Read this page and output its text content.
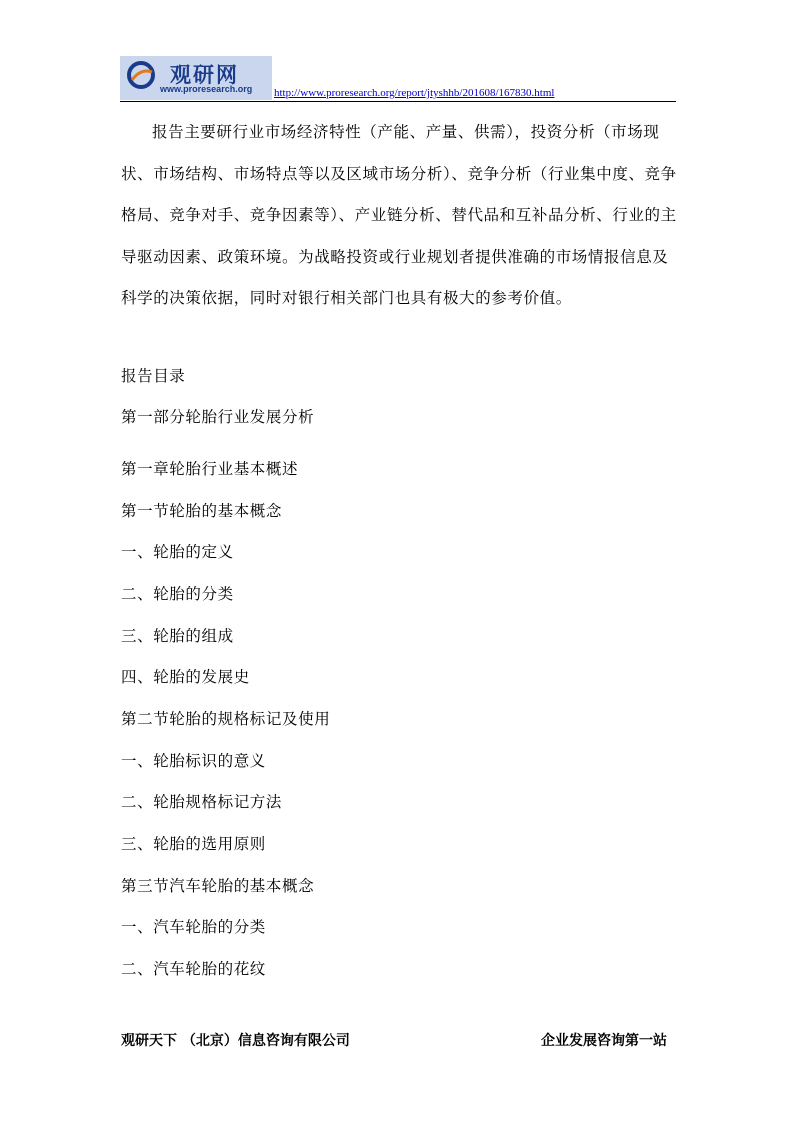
观研网
www.proresearch.org http://www.proresearch.org/report/jtyshhb/201608/167830.html

报告主要研行业市场经济特性（产能、产量、供需），投资分析（市场现状、市场结构、市场特点等以及区域市场分析）、竞争分析（行业集中度、竞争格局、竞争对手、竞争因素等）、产业链分析、替代品和互补品分析、行业的主导驱动因素、政策环境。为战略投资或行业规划者提供准确的市场情报信息及科学的决策依据，同时对银行相关部门也具有极大的参考价值。

报告目录

第一部分轮胎行业发展分析

第一章轮胎行业基本概述

第一节轮胎的基本概念

一、轮胎的定义

二、轮胎的分类

三、轮胎的组成

四、轮胎的发展史

第二节轮胎的规格标记及使用

一、轮胎标识的意义

二、轮胎规格标记方法

三、轮胎的选用原则

第三节汽车轮胎的基本概念

一、汽车轮胎的分类

二、汽车轮胎的花纹

观研天下 （北京）信息咨询有限公司	企业发展咨询第一站
